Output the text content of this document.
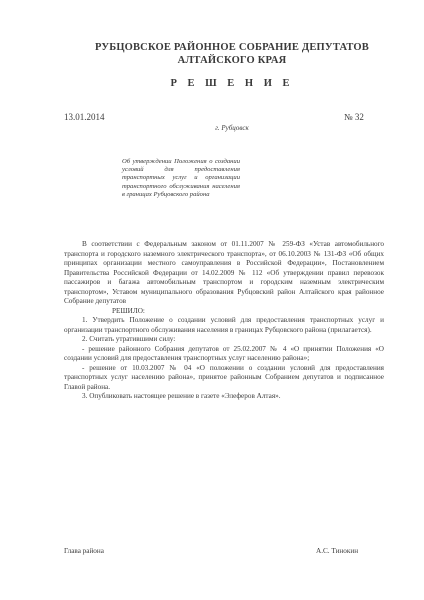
РУБЦОВСКОЕ РАЙОННОЕ СОБРАНИЕ ДЕПУТАТОВ
АЛТАЙСКОГО КРАЯ
Р Е Ш Е Н И Е
13.01.2014	№ 32
г. Рубцовск
Об утверждении Положения о создании условий для предоставления транспортных услуг и организации транспортного обслуживания населения в границах Рубцовского района

В соответствии с Федеральным законом от 01.11.2007 № 259-ФЗ «Устав автомобильного транспорта и городского наземного электрического транспорта», от 06.10.2003 № 131-ФЗ «Об общих принципах организации местного самоуправления в Российской Федерации», Постановлением Правительства Российской Федерации от 14.02.2009 № 112 «Об утверждении правил перевозок пассажиров и багажа автомобильным транспортом и городским наземным электрическим транспортом», Уставом муниципального образования Рубцовский район Алтайского края районное Собрание депутатов

РЕШИЛО:

1. Утвердить Положение о создании условий для предоставления транспортных услуг и организации транспортного обслуживания населения в границах Рубцовского района (прилагается).

2. Считать утратившими силу:

- решение районного Собрания депутатов от 25.02.2007 № 4 «О принятии Положения «О создании условий для предоставления транспортных услуг населению района»;

- решение от 10.03.2007 № 04 «О положении о создании условий для предоставления транспортных услуг населению района», принятое районным Собранием депутатов и подписанное Главой района.

3. Опубликовать настоящее решение в газете «Элеферов Алтая».

Глава района	А.С. Тинокин
